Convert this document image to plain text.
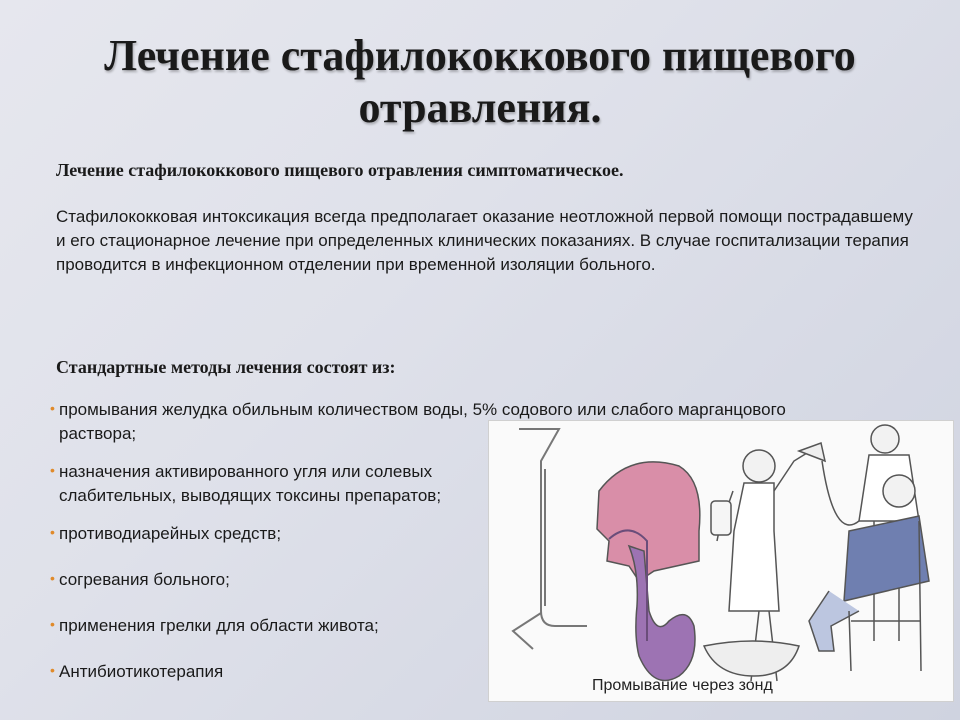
Лечение стафилококкового пищевого отравления.
Лечение стафилококкового пищевого отравления симптоматическое.
Стафилококковая интоксикация всегда предполагает оказание неотложной первой помощи пострадавшему и его стационарное лечение при определенных клинических показаниях. В случае госпитализации терапия проводится в инфекционном отделении при временной изоляции больного.
Стандартные методы лечения состоят из:
• промывания желудка обильным количеством воды, 5% содового или слабого марганцового раствора;
• назначения активированного угля или солевых слабительных, выводящих токсины препаратов;
• противодиарейных средств;
• согревания больного;
• применения грелки для области живота;
• Антибиотикотерапия
Промывание через зонд
